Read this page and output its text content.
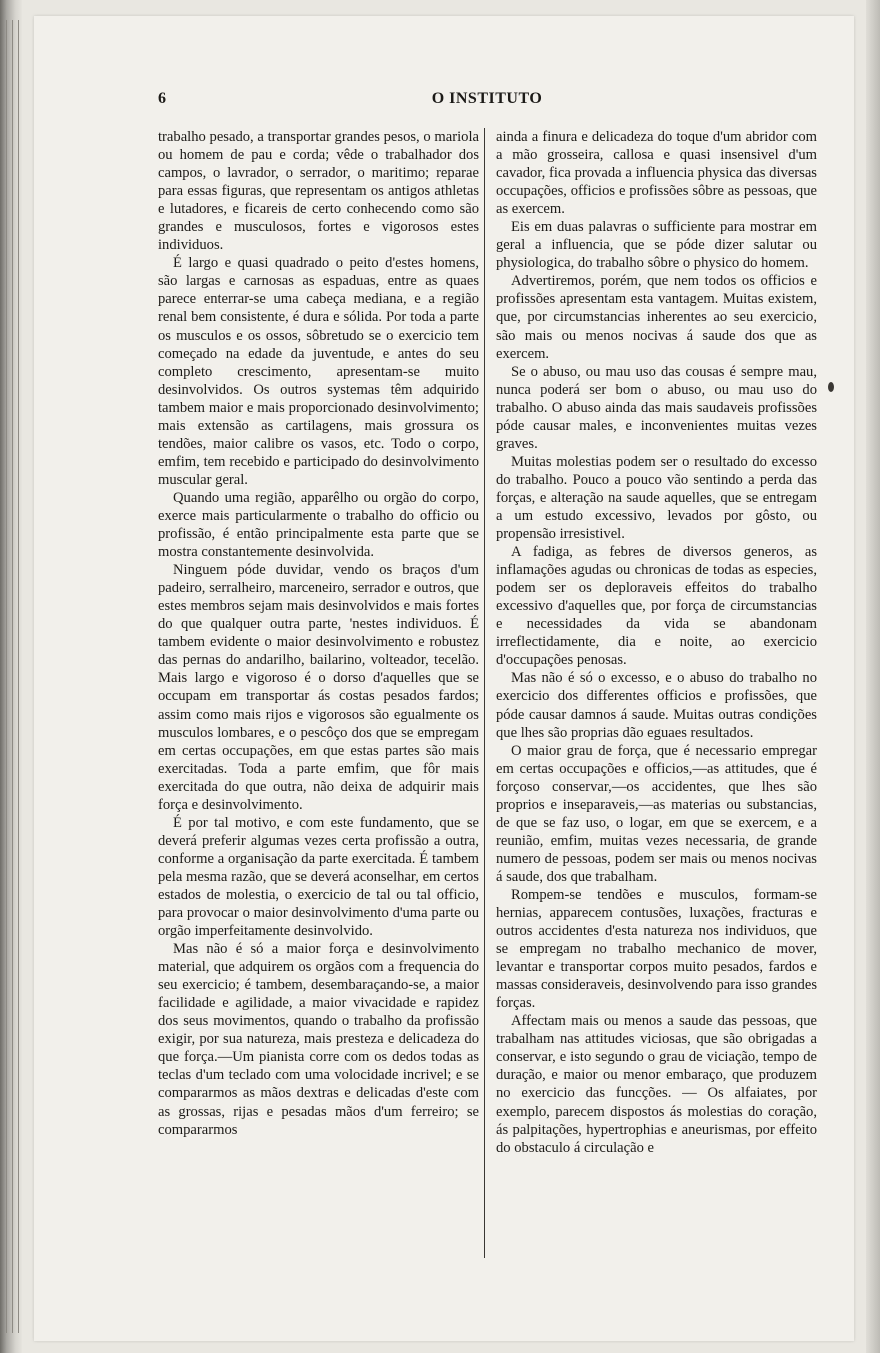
6	O INSTITUTO

trabalho pesado, a transportar grandes pesos, o mariola ou homem de pau e corda; vêde o trabalhador dos campos, o lavrador, o serrador, o maritimo; reparae para essas figuras, que representam os antigos athletas e lutadores, e ficareis de certo conhecendo como são grandes e musculosos, fortes e vigorosos estes individuos.

É largo e quasi quadrado o peito d'estes homens, são largas e carnosas as espaduas, entre as quaes parece enterrar-se uma cabeça mediana, e a região renal bem consistente, é dura e sólida. Por toda a parte os musculos e os ossos, sôbretudo se o exercicio tem começado na edade da juventude, e antes do seu completo crescimento, apresentam-se muito desinvolvidos. Os outros systemas têm adquirido tambem maior e mais proporcionado desinvolvimento; mais extensão as cartilagens, mais grossura os tendões, maior calibre os vasos, etc. Todo o corpo, emfim, tem recebido e participado do desinvolvimento muscular geral.

Quando uma região, apparêlho ou orgão do corpo, exerce mais particularmente o trabalho do officio ou profissão, é então principalmente esta parte que se mostra constantemente desinvolvida.

Ninguem póde duvidar, vendo os braços d'um padeiro, serralheiro, marceneiro, serrador e outros, que estes membros sejam mais desinvolvidos e mais fortes do que qualquer outra parte, 'nestes individuos. É tambem evidente o maior desinvolvimento e robustez das pernas do andarilho, bailarino, volteador, tecelão. Mais largo e vigoroso é o dorso d'aquelles que se occupam em transportar ás costas pesados fardos; assim como mais rijos e vigorosos são egualmente os musculos lombares, e o pescôço dos que se empregam em certas occupações, em que estas partes são mais exercitadas. Toda a parte emfim, que fôr mais exercitada do que outra, não deixa de adquirir mais força e desinvolvimento.

É por tal motivo, e com este fundamento, que se deverá preferir algumas vezes certa profissão a outra, conforme a organisação da parte exercitada. É tambem pela mesma razão, que se deverá aconselhar, em certos estados de molestia, o exercicio de tal ou tal officio, para provocar o maior desinvolvimento d'uma parte ou orgão imperfeitamente desinvolvido.

Mas não é só a maior força e desinvolvimento material, que adquirem os orgãos com a frequencia do seu exercicio; é tambem, desembaraçando-se, a maior facilidade e agilidade, a maior vivacidade e rapidez dos seus movimentos, quando o trabalho da profissão exigir, por sua natureza, mais presteza e delicadeza do que força.—Um pianista corre com os dedos todas as teclas d'um teclado com uma volocidade incrivel; e se compararmos as mãos dextras e delicadas d'este com as grossas, rijas e pesadas mãos d'um ferreiro; se compararmos

ainda a finura e delicadeza do toque d'um abridor com a mão grosseira, callosa e quasi insensivel d'um cavador, fica provada a influencia physica das diversas occupações, officios e profissões sôbre as pessoas, que as exercem.

Eis em duas palavras o sufficiente para mostrar em geral a influencia, que se póde dizer salutar ou physiologica, do trabalho sôbre o physico do homem.

Advertiremos, porém, que nem todos os officios e profissões apresentam esta vantagem. Muitas existem, que, por circumstancias inherentes ao seu exercicio, são mais ou menos nocivas á saude dos que as exercem.

Se o abuso, ou mau uso das cousas é sempre mau, nunca poderá ser bom o abuso, ou mau uso do trabalho. O abuso ainda das mais saudaveis profissões póde causar males, e inconvenientes muitas vezes graves.

Muitas molestias podem ser o resultado do excesso do trabalho. Pouco a pouco vão sentindo a perda das forças, e alteração na saude aquelles, que se entregam a um estudo excessivo, levados por gôsto, ou propensão irresistivel.

A fadiga, as febres de diversos generos, as inflamações agudas ou chronicas de todas as especies, podem ser os deploraveis effeitos do trabalho excessivo d'aquelles que, por força de circumstancias e necessidades da vida se abandonam irreflectidamente, dia e noite, ao exercicio d'occupações penosas.

Mas não é só o excesso, e o abuso do trabalho no exercicio dos differentes officios e profissões, que póde causar damnos á saude. Muitas outras condições que lhes são proprias dão eguaes resultados.

O maior grau de força, que é necessario empregar em certas occupações e officios,—as attitudes, que é forçoso conservar,—os accidentes, que lhes são proprios e inseparaveis,—as materias ou substancias, de que se faz uso, o logar, em que se exercem, e a reunião, emfim, muitas vezes necessaria, de grande numero de pessoas, podem ser mais ou menos nocivas á saude, dos que trabalham.

Rompem-se tendões e musculos, formam-se hernias, apparecem contusões, luxações, fracturas e outros accidentes d'esta natureza nos individuos, que se empregam no trabalho mechanico de mover, levantar e transportar corpos muito pesados, fardos e massas consideraveis, desinvolvendo para isso grandes forças.

Affectam mais ou menos a saude das pessoas, que trabalham nas attitudes viciosas, que são obrigadas a conservar, e isto segundo o grau de viciação, tempo de duração, e maior ou menor embaraço, que produzem no exercicio das funcções. — Os alfaiates, por exemplo, parecem dispostos ás molestias do coração, ás palpitações, hypertrophias e aneurismas, por effeito do obstaculo á circulação e
